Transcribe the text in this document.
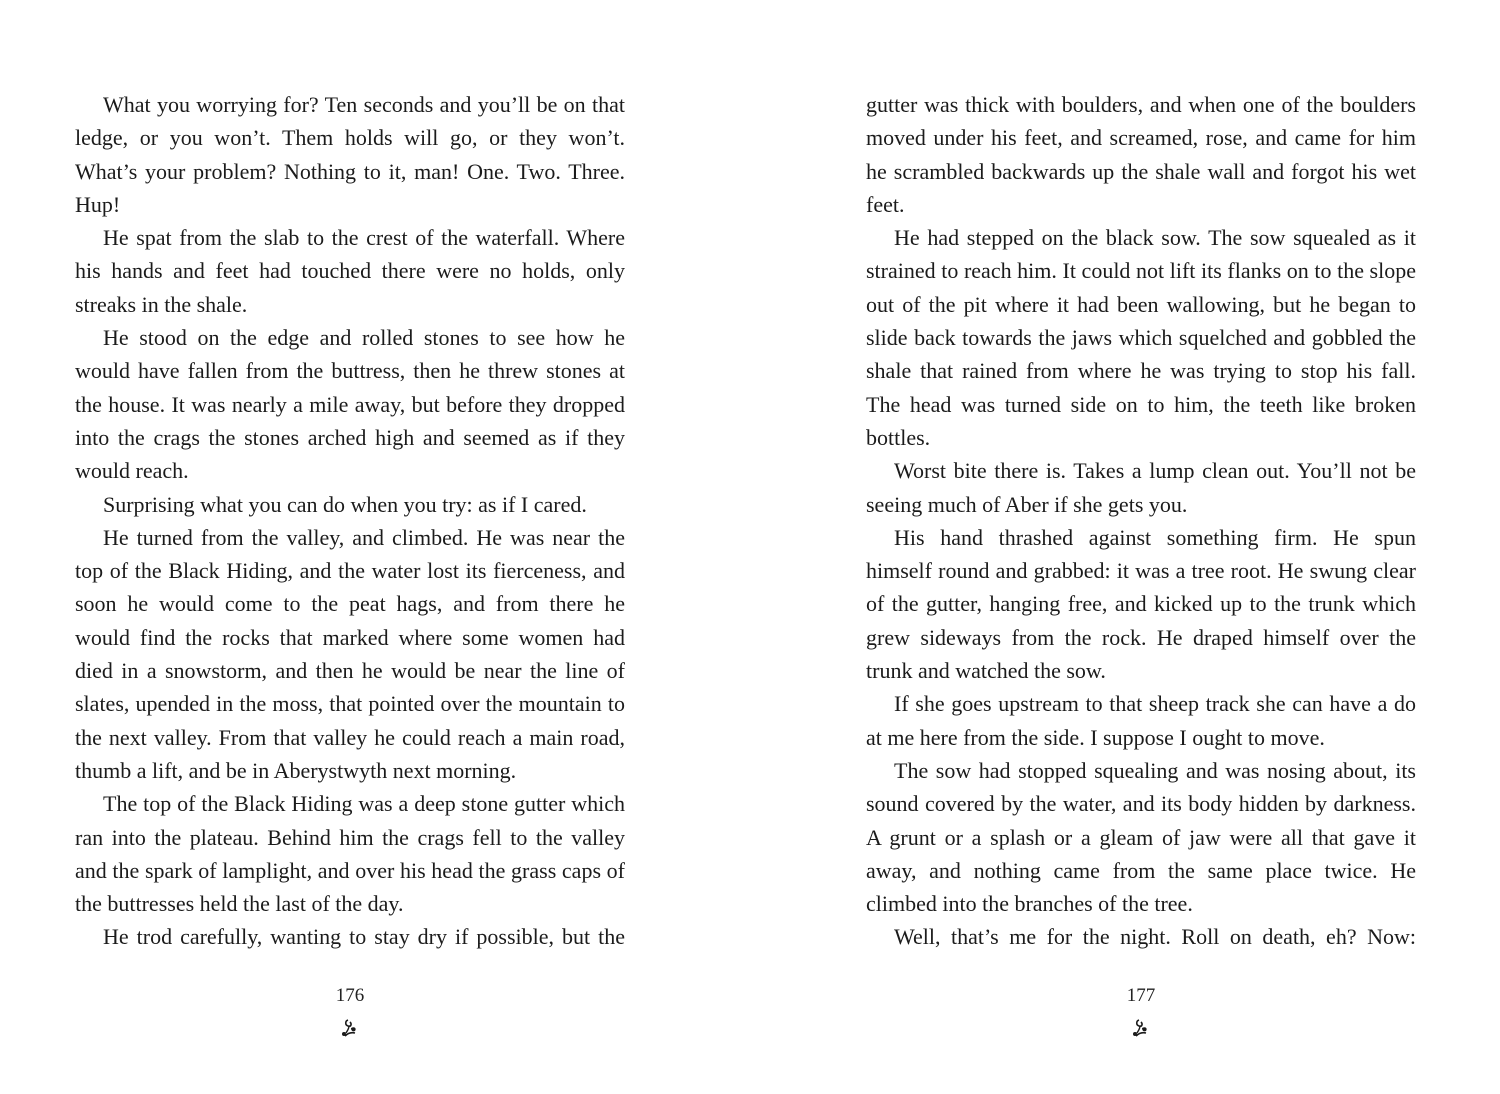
What you worrying for? Ten seconds and you’ll be on that ledge, or you won’t. Them holds will go, or they won’t. What’s your problem? Nothing to it, man! One. Two. Three. Hup!

He spat from the slab to the crest of the waterfall. Where his hands and feet had touched there were no holds, only streaks in the shale.

He stood on the edge and rolled stones to see how he would have fallen from the buttress, then he threw stones at the house. It was nearly a mile away, but before they dropped into the crags the stones arched high and seemed as if they would reach.

Surprising what you can do when you try: as if I cared.

He turned from the valley, and climbed. He was near the top of the Black Hiding, and the water lost its fierceness, and soon he would come to the peat hags, and from there he would find the rocks that marked where some women had died in a snowstorm, and then he would be near the line of slates, upended in the moss, that pointed over the mountain to the next valley. From that valley he could reach a main road, thumb a lift, and be in Aberystwyth next morning.

The top of the Black Hiding was a deep stone gutter which ran into the plateau. Behind him the crags fell to the valley and the spark of lamplight, and over his head the grass caps of the buttresses held the last of the day.

He trod carefully, wanting to stay dry if possible, but the

176

gutter was thick with boulders, and when one of the boulders moved under his feet, and screamed, rose, and came for him he scrambled backwards up the shale wall and forgot his wet feet.

He had stepped on the black sow. The sow squealed as it strained to reach him. It could not lift its flanks on to the slope out of the pit where it had been wallowing, but he began to slide back towards the jaws which squelched and gobbled the shale that rained from where he was trying to stop his fall. The head was turned side on to him, the teeth like broken bottles.

Worst bite there is. Takes a lump clean out. You’ll not be seeing much of Aber if she gets you.

His hand thrashed against something firm. He spun himself round and grabbed: it was a tree root. He swung clear of the gutter, hanging free, and kicked up to the trunk which grew sideways from the rock. He draped himself over the trunk and watched the sow.

If she goes upstream to that sheep track she can have a do at me here from the side. I suppose I ought to move.

The sow had stopped squealing and was nosing about, its sound covered by the water, and its body hidden by darkness. A grunt or a splash or a gleam of jaw were all that gave it away, and nothing came from the same place twice. He climbed into the branches of the tree.

Well, that’s me for the night. Roll on death, eh? Now:

177
